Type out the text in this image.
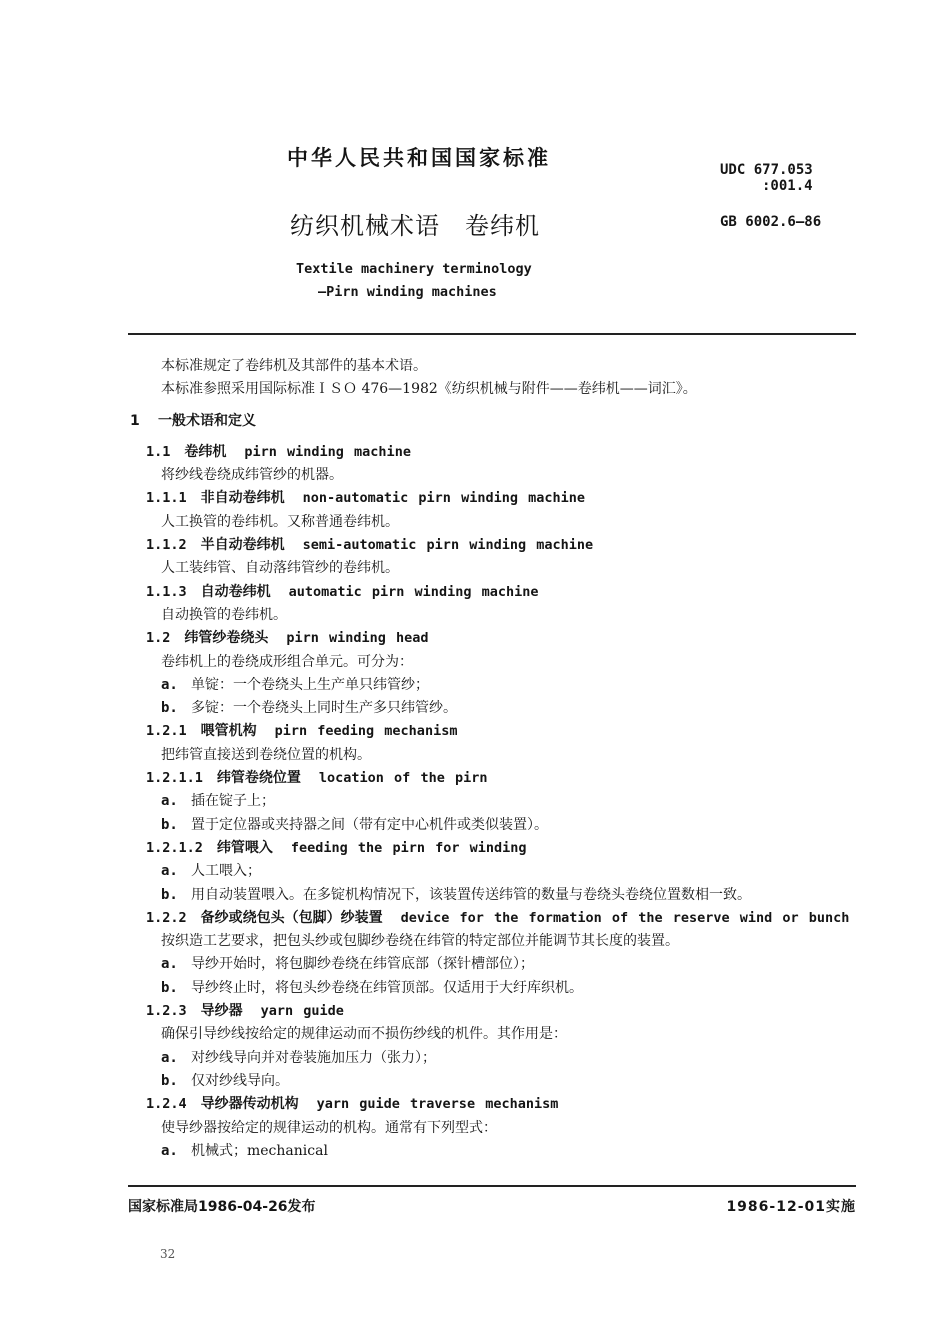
中华人民共和国国家标准	UDC 677.053
:001.4
纺织机械术语　卷纬机	GB 6002.6—86
Textile machinery terminology
—Pirn winding machines
本标准规定了卷纬机及其部件的基本术语。
本标准参照采用国际标准ＩＳＯ 476—1982《纺织机械与附件——卷纬机——词汇》。
1 一般术语和定义
1.1 卷纬机 pirn winding machine
将纱线卷绕成纬管纱的机器。
1.1.1 非自动卷纬机 non-automatic pirn winding machine
人工换管的卷纬机。又称普通卷纬机。
1.1.2 半自动卷纬机 semi-automatic pirn winding machine
人工装纬管、自动落纬管纱的卷纬机。
1.1.3 自动卷纬机 automatic pirn winding machine
自动换管的卷纬机。
1.2 纬管纱卷绕头 pirn winding head
卷纬机上的卷绕成形组合单元。可分为：
a. 单锭：一个卷绕头上生产单只纬管纱；
b. 多锭：一个卷绕头上同时生产多只纬管纱。
1.2.1 喂管机构 pirn feeding mechanism
把纬管直接送到卷绕位置的机构。
1.2.1.1 纬管卷绕位置 location of the pirn
a. 插在锭子上；
b. 置于定位器或夹持器之间（带有定中心机件或类似装置）。
1.2.1.2 纬管喂入 feeding the pirn for winding
a. 人工喂入；
b. 用自动装置喂入。在多锭机构情况下，该装置传送纬管的数量与卷绕头卷绕位置数相一致。
1.2.2 备纱或绕包头（包脚）纱装置 device for the formation of the reserve wind or bunch
按织造工艺要求，把包头纱或包脚纱卷绕在纬管的特定部位并能调节其长度的装置。
a. 导纱开始时，将包脚纱卷绕在纬管底部（探针槽部位）；
b. 导纱终止时，将包头纱卷绕在纬管顶部。仅适用于大纡库织机。
1.2.3 导纱器 yarn guide
确保引导纱线按给定的规律运动而不损伤纱线的机件。其作用是：
a. 对纱线导向并对卷装施加压力（张力）；
b. 仅对纱线导向。
1.2.4 导纱器传动机构 yarn guide traverse mechanism
使导纱器按给定的规律运动的机构。通常有下列型式：
a. 机械式；mechanical
国家标准局1986-04-26发布	1986-12-01实施
32
